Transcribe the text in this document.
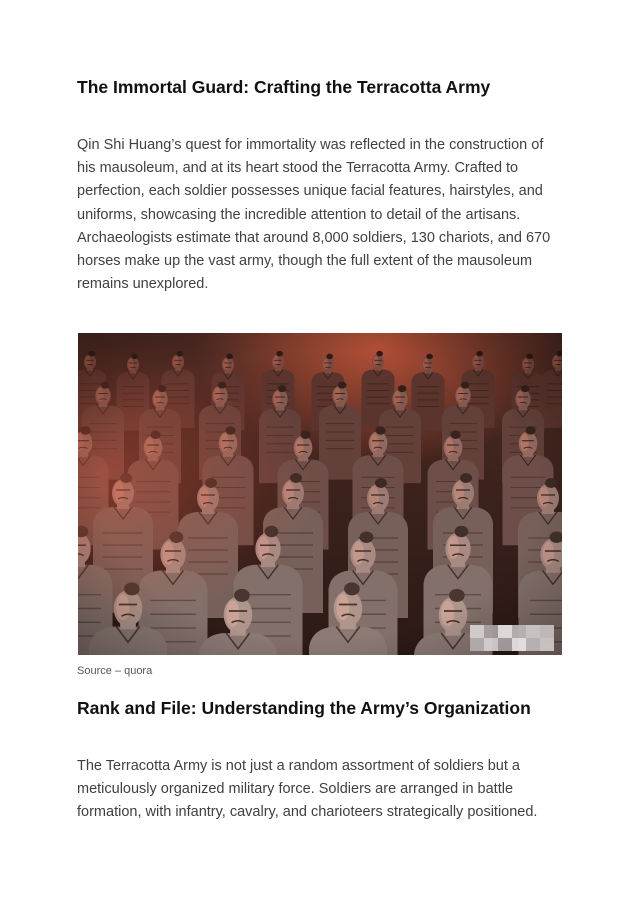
The Immortal Guard: Crafting the Terracotta Army
Qin Shi Huang’s quest for immortality was reflected in the construction of
his mausoleum, and at its heart stood the Terracotta Army. Crafted to
perfection, each soldier possesses unique facial features, hairstyles, and
uniforms, showcasing the incredible attention to detail of the artisans.
Archaeologists estimate that around 8,000 soldiers, 130 chariots, and 670
horses make up the vast army, though the full extent of the mausoleum
remains unexplored.
Source – quora
Rank and File: Understanding the Army’s Organization
The Terracotta Army is not just a random assortment of soldiers but a
meticulously organized military force. Soldiers are arranged in battle
formation, with infantry, cavalry, and charioteers strategically positioned.
